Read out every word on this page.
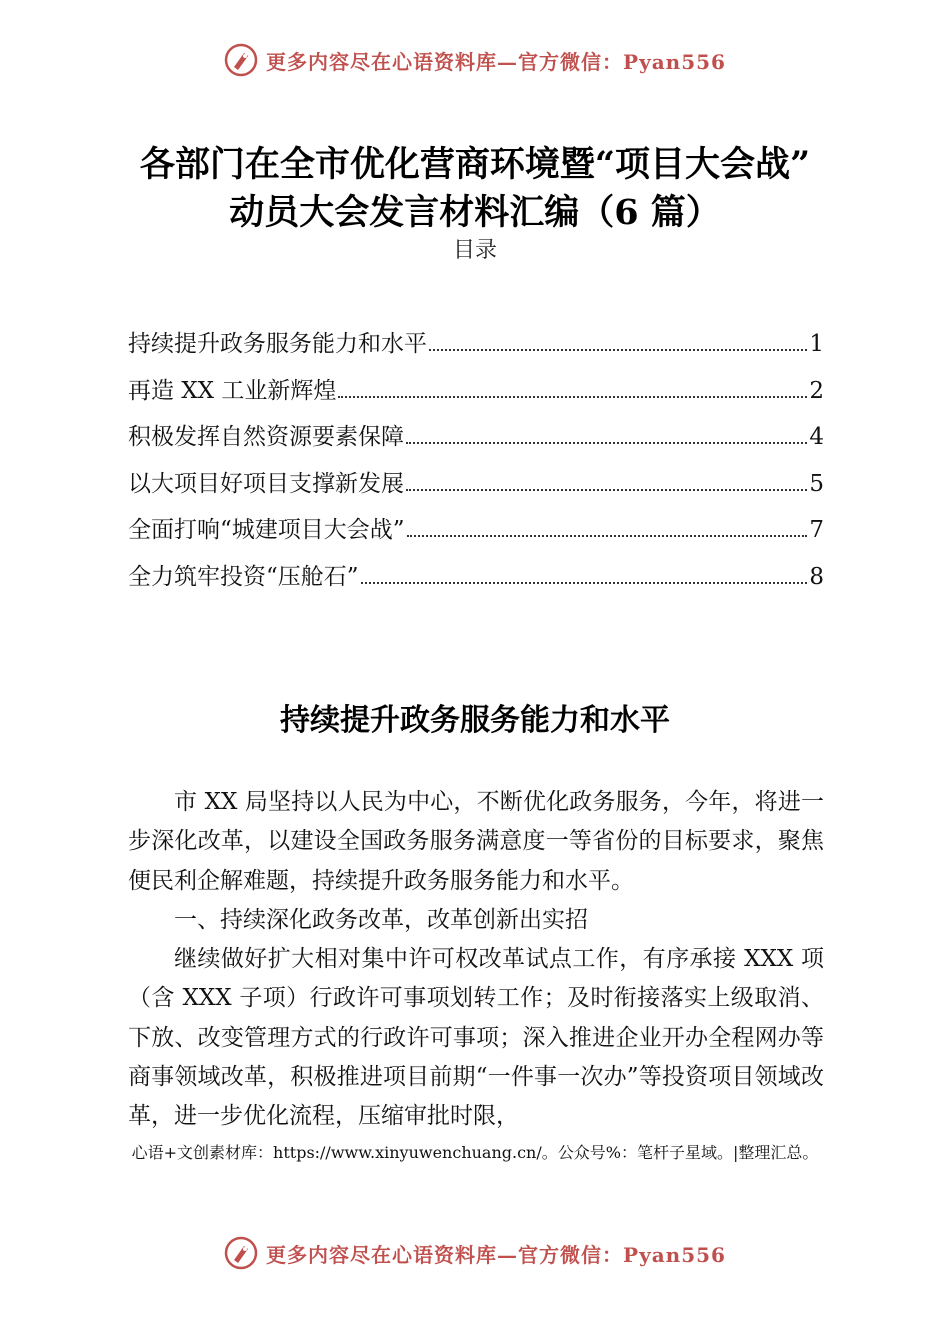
更多内容尽在心语资料库—官方微信：Pyan556
各部门在全市优化营商环境暨“项目大会战”
动员大会发言材料汇编（6 篇）
目录
持续提升政务服务能力和水平	1
再造 XX 工业新辉煌	2
积极发挥自然资源要素保障	4
以大项目好项目支撑新发展	5
全面打响“城建项目大会战”	7
全力筑牢投资“压舱石”	8
持续提升政务服务能力和水平

市 XX 局坚持以人民为中心，不断优化政务服务，今年，将进一步深化改革，以建设全国政务服务满意度一等省份的目标要求，聚焦便民利企解难题，持续提升政务服务能力和水平。

一、持续深化政务改革，改革创新出实招

继续做好扩大相对集中许可权改革试点工作，有序承接 XXX 项（含 XXX 子项）行政许可事项划转工作；及时衔接落实上级取消、下放、改变管理方式的行政许可事项；深入推进企业开办全程网办等商事领域改革，积极推进项目前期“一件事一次办”等投资项目领域改革，进一步优化流程，压缩审批时限，

心语+文创素材库：https://www.xinyuwenchuang.cn/。公众号%：笔杆子星域。|整理汇总。
更多内容尽在心语资料库—官方微信：Pyan556
